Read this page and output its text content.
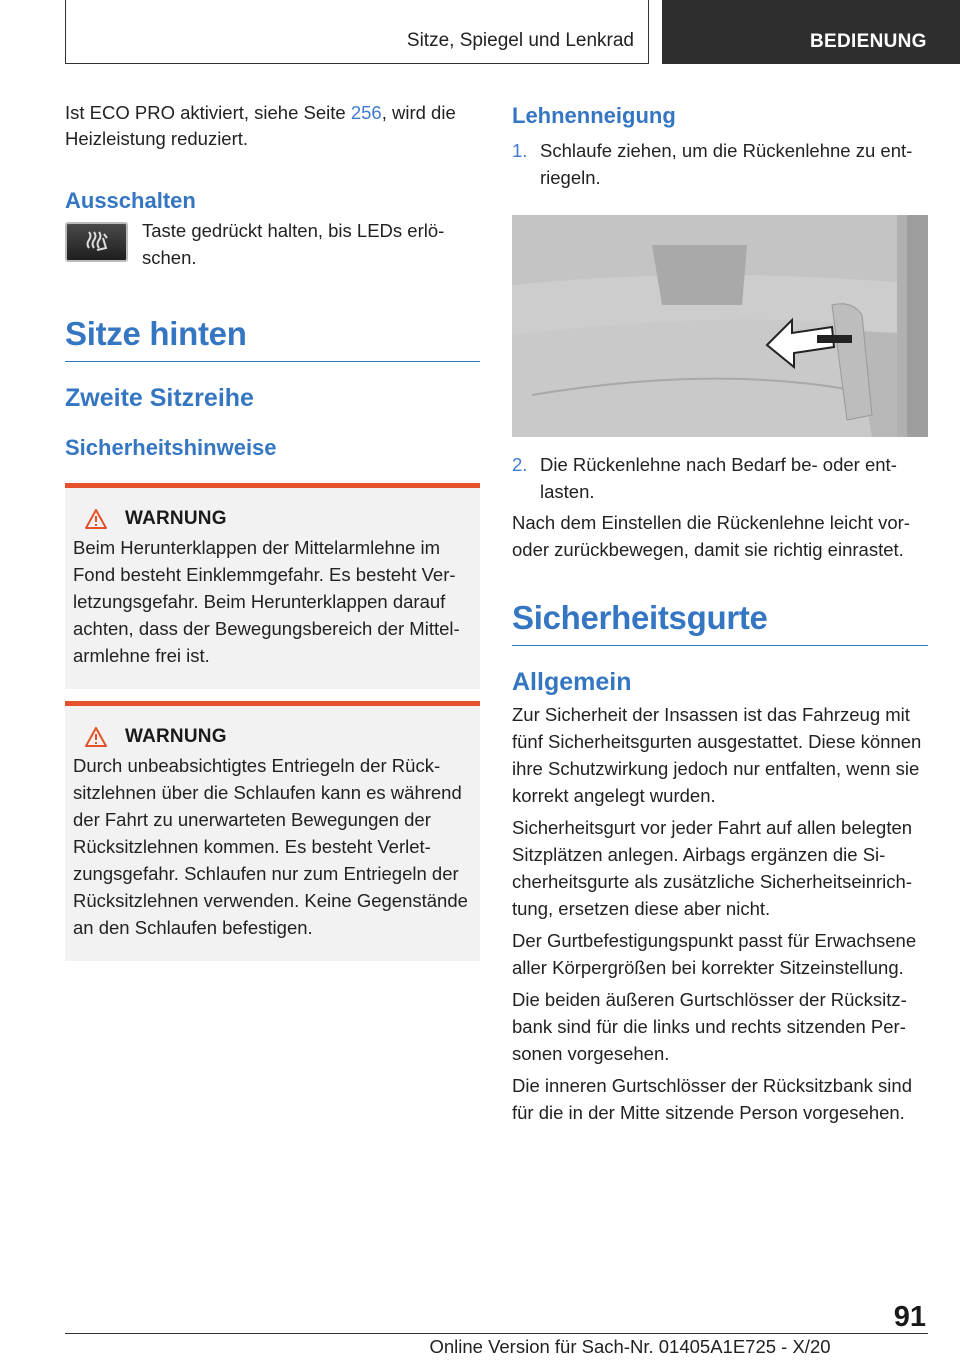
Sitze, Spiegel und Lenkrad	BEDIENUNG

Ist ECO PRO aktiviert, siehe Seite 256, wird die Heizleistung reduziert.

Ausschalten

Taste gedrückt halten, bis LEDs erlöschen.

Sitze hinten
Zweite Sitzreihe
Sicherheitshinweise
WARNUNG

Beim Herunterklappen der Mittelarmlehne im Fond besteht Einklemmgefahr. Es besteht Verletzungsgefahr. Beim Herunterklappen darauf achten, dass der Bewegungsbereich der Mittelarmlehne frei ist.

WARNUNG

Durch unbeabsichtigtes Entriegeln der Rücksitzlehnen über die Schlaufen kann es während der Fahrt zu unerwarteten Bewegungen der Rücksitzlehnen kommen. Es besteht Verletzungsgefahr. Schlaufen nur zum Entriegeln der Rücksitzlehnen verwenden. Keine Gegenstände an den Schlaufen befestigen.

Lehnenneigung
1. Schlaufe ziehen, um die Rückenlehne zu entriegeln.

2. Die Rückenlehne nach Bedarf be- oder entlasten.

Nach dem Einstellen die Rückenlehne leicht vor- oder zurückbewegen, damit sie richtig einrastet.

Sicherheitsgurte
Allgemein

Zur Sicherheit der Insassen ist das Fahrzeug mit fünf Sicherheitsgurten ausgestattet. Diese können ihre Schutzwirkung jedoch nur entfalten, wenn sie korrekt angelegt wurden.

Sicherheitsgurt vor jeder Fahrt auf allen belegten Sitzplätzen anlegen. Airbags ergänzen die Sicherheitsgurte als zusätzliche Sicherheitseinrichtung, ersetzen diese aber nicht.

Der Gurtbefestigungspunkt passt für Erwachsene aller Körpergrößen bei korrekter Sitzeinstellung.

Die beiden äußeren Gurtschlösser der Rücksitzbank sind für die links und rechts sitzenden Personen vorgesehen.

Die inneren Gurtschlösser der Rücksitzbank sind für die in der Mitte sitzende Person vorgesehen.

91
Online Version für Sach-Nr. 01405A1E725 - X/20
